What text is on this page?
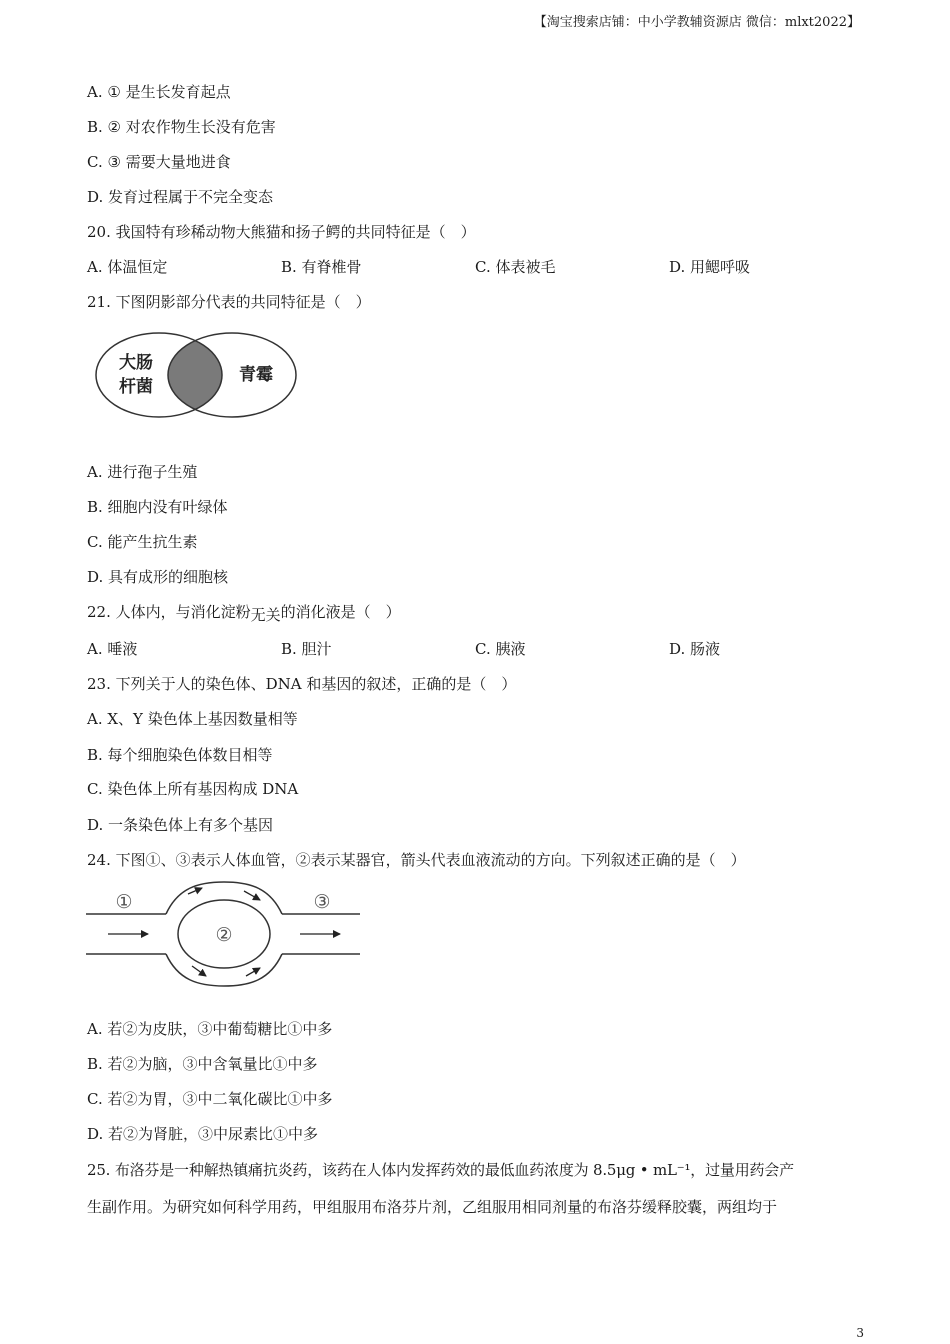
【淘宝搜索店铺：中小学教辅资源店 微信：mlxt2022】
A. ① 是生长发育起点
B. ② 对农作物生长没有危害
C. ③ 需要大量地进食
D. 发育过程属于不完全变态
20. 我国特有珍稀动物大熊猫和扬子鳄的共同特征是（　）
A. 体温恒定	B. 有脊椎骨	C. 体表被毛	D. 用鳃呼吸
21. 下图阴影部分代表的共同特征是（　）
大肠
杆菌
青霉
A. 进行孢子生殖
B. 细胞内没有叶绿体
C. 能产生抗生素
D. 具有成形的细胞核
22. 人体内，与消化淀粉无关的消化液是（　）
A. 唾液	B. 胆汁	C. 胰液	D. 肠液
23. 下列关于人的染色体、DNA 和基因的叙述，正确的是（　）
A. X、Y 染色体上基因数量相等
B. 每个细胞染色体数目相等
C. 染色体上所有基因构成 DNA
D. 一条染色体上有多个基因
24. 下图①、③表示人体血管，②表示某器官，箭头代表血液流动的方向。下列叙述正确的是（　）
①
②
③
A. 若②为皮肤，③中葡萄糖比①中多
B. 若②为脑，③中含氧量比①中多
C. 若②为胃，③中二氧化碳比①中多
D. 若②为肾脏，③中尿素比①中多
25. 布洛芬是一种解热镇痛抗炎药，该药在人体内发挥药效的最低血药浓度为 8.5μg • mL⁻¹，过量用药会产
生副作用。为研究如何科学用药，甲组服用布洛芬片剂，乙组服用相同剂量的布洛芬缓释胶囊，两组均于
3
